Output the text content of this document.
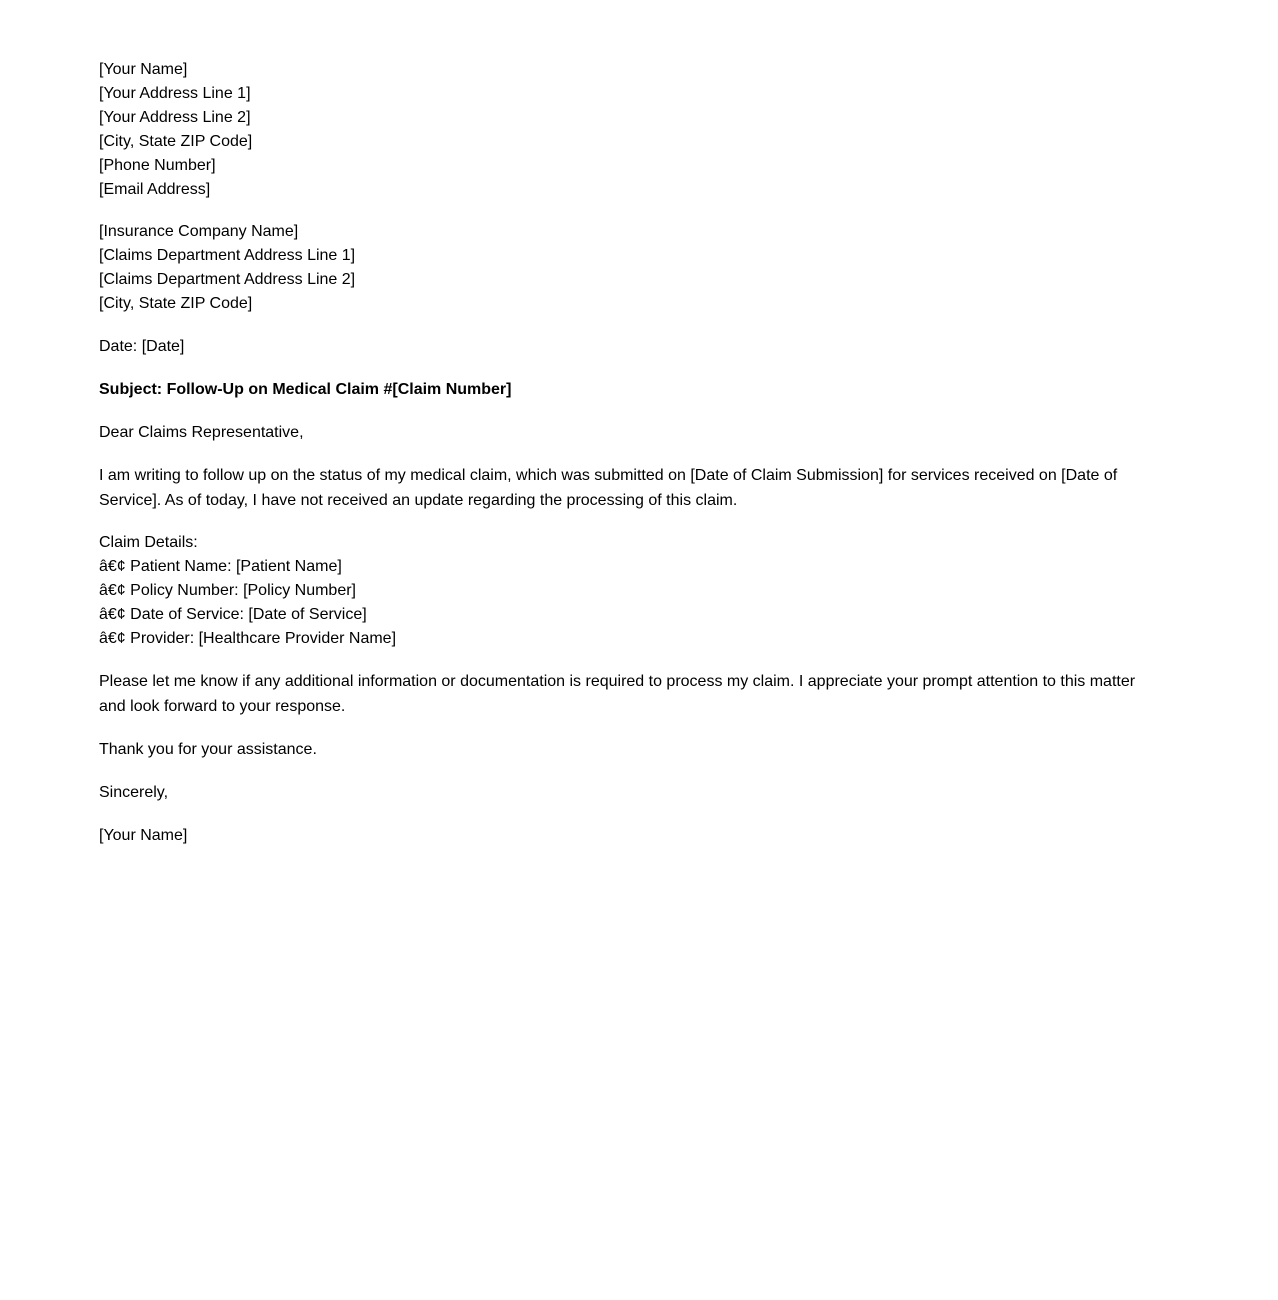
[Your Name]
[Your Address Line 1]
[Your Address Line 2]
[City, State ZIP Code]
[Phone Number]
[Email Address]

[Insurance Company Name]
[Claims Department Address Line 1]
[Claims Department Address Line 2]
[City, State ZIP Code]

Date: [Date]

Subject: Follow-Up on Medical Claim #[Claim Number]

Dear Claims Representative,

I am writing to follow up on the status of my medical claim, which was submitted on [Date of Claim Submission] for services received on [Date of Service]. As of today, I have not received an update regarding the processing of this claim.

Claim Details:
â€¢ Patient Name: [Patient Name]
â€¢ Policy Number: [Policy Number]
â€¢ Date of Service: [Date of Service]
â€¢ Provider: [Healthcare Provider Name]

Please let me know if any additional information or documentation is required to process my claim. I appreciate your prompt attention to this matter and look forward to your response.

Thank you for your assistance.

Sincerely,

[Your Name]
